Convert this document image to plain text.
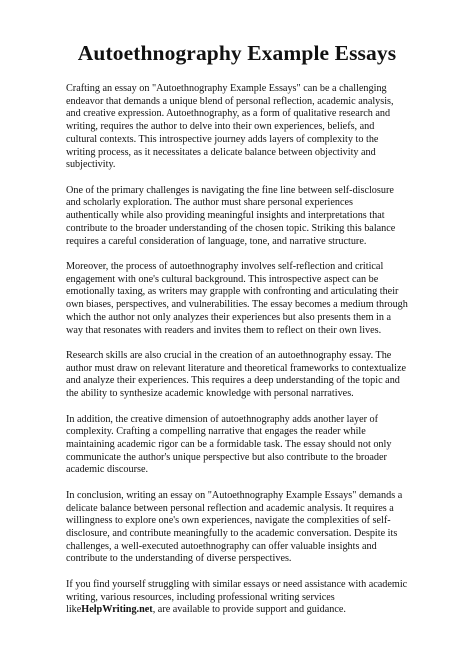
Autoethnography Example Essays

Crafting an essay on "Autoethnography Example Essays" can be a challenging endeavor that demands a unique blend of personal reflection, academic analysis, and creative expression. Autoethnography, as a form of qualitative research and writing, requires the author to delve into their own experiences, beliefs, and cultural contexts. This introspective journey adds layers of complexity to the writing process, as it necessitates a delicate balance between objectivity and subjectivity.

One of the primary challenges is navigating the fine line between self-disclosure and scholarly exploration. The author must share personal experiences authentically while also providing meaningful insights and interpretations that contribute to the broader understanding of the chosen topic. Striking this balance requires a careful consideration of language, tone, and narrative structure.

Moreover, the process of autoethnography involves self-reflection and critical engagement with one's cultural background. This introspective aspect can be emotionally taxing, as writers may grapple with confronting and articulating their own biases, perspectives, and vulnerabilities. The essay becomes a medium through which the author not only analyzes their experiences but also presents them in a way that resonates with readers and invites them to reflect on their own lives.

Research skills are also crucial in the creation of an autoethnography essay. The author must draw on relevant literature and theoretical frameworks to contextualize and analyze their experiences. This requires a deep understanding of the topic and the ability to synthesize academic knowledge with personal narratives.

In addition, the creative dimension of autoethnography adds another layer of complexity. Crafting a compelling narrative that engages the reader while maintaining academic rigor can be a formidable task. The essay should not only communicate the author's unique perspective but also contribute to the broader academic discourse.

In conclusion, writing an essay on "Autoethnography Example Essays" demands a delicate balance between personal reflection and academic analysis. It requires a willingness to explore one's own experiences, navigate the complexities of self-disclosure, and contribute meaningfully to the academic conversation. Despite its challenges, a well-executed autoethnography can offer valuable insights and contribute to the understanding of diverse perspectives.

If you find yourself struggling with similar essays or need assistance with academic writing, various resources, including professional writing services likeHelpWriting.net, are available to provide support and guidance.
